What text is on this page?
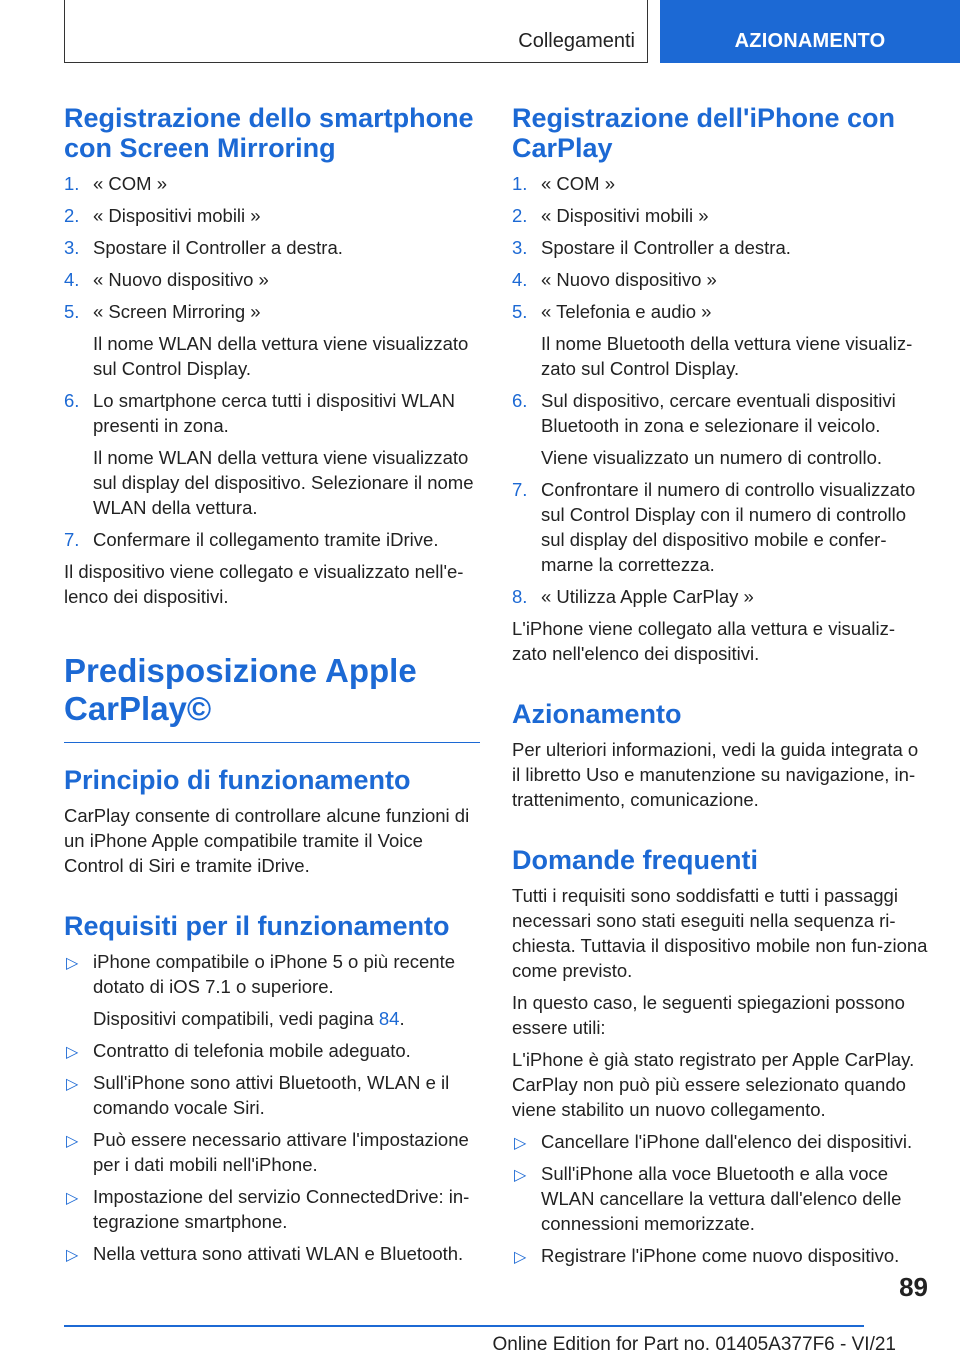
Collegamenti	AZIONAMENTO
Registrazione dello smartphone con Screen Mirroring
1. « COM »
2. « Dispositivi mobili »
3. Spostare il Controller a destra.
4. « Nuovo dispositivo »
5. « Screen Mirroring »
Il nome WLAN della vettura viene visualizzato sul Control Display.
6. Lo smartphone cerca tutti i dispositivi WLAN presenti in zona.
Il nome WLAN della vettura viene visualizzato sul display del dispositivo. Selezionare il nome WLAN della vettura.
7. Confermare il collegamento tramite iDrive.

Il dispositivo viene collegato e visualizzato nell'e-lenco dei dispositivi.

Predisposizione Apple CarPlay©
Principio di funzionamento

CarPlay consente di controllare alcune funzioni di un iPhone Apple compatibile tramite il Voice Control di Siri e tramite iDrive.

Requisiti per il funzionamento
▷ iPhone compatibile o iPhone 5 o più recente dotato di iOS 7.1 o superiore.
Dispositivi compatibili, vedi pagina 84.
▷ Contratto di telefonia mobile adeguato.
▷ Sull'iPhone sono attivi Bluetooth, WLAN e il comando vocale Siri.
▷ Può essere necessario attivare l'impostazione per i dati mobili nell'iPhone.
▷ Impostazione del servizio ConnectedDrive: in-tegrazione smartphone.
▷ Nella vettura sono attivati WLAN e Bluetooth.
Registrazione dell'iPhone con CarPlay
1. « COM »
2. « Dispositivi mobili »
3. Spostare il Controller a destra.
4. « Nuovo dispositivo »
5. « Telefonia e audio »
Il nome Bluetooth della vettura viene visualiz-zato sul Control Display.
6. Sul dispositivo, cercare eventuali dispositivi Bluetooth in zona e selezionare il veicolo.
Viene visualizzato un numero di controllo.
7. Confrontare il numero di controllo visualizzato sul Control Display con il numero di controllo sul display del dispositivo mobile e confer-marne la correttezza.
8. « Utilizza Apple CarPlay »

L'iPhone viene collegato alla vettura e visualiz-zato nell'elenco dei dispositivi.

Azionamento

Per ulteriori informazioni, vedi la guida integrata o il libretto Uso e manutenzione su navigazione, in-trattenimento, comunicazione.

Domande frequenti

Tutti i requisiti sono soddisfatti e tutti i passaggi necessari sono stati eseguiti nella sequenza ri-chiesta. Tuttavia il dispositivo mobile non fun-ziona come previsto.

In questo caso, le seguenti spiegazioni possono essere utili:

L'iPhone è già stato registrato per Apple CarPlay. CarPlay non può più essere selezionato quando viene stabilito un nuovo collegamento.

▷ Cancellare l'iPhone dall'elenco dei dispositivi.
▷ Sull'iPhone alla voce Bluetooth e alla voce WLAN cancellare la vettura dall'elenco delle connessioni memorizzate.
▷ Registrare l'iPhone come nuovo dispositivo.
89
Online Edition for Part no. 01405A377F6 - VI/21
